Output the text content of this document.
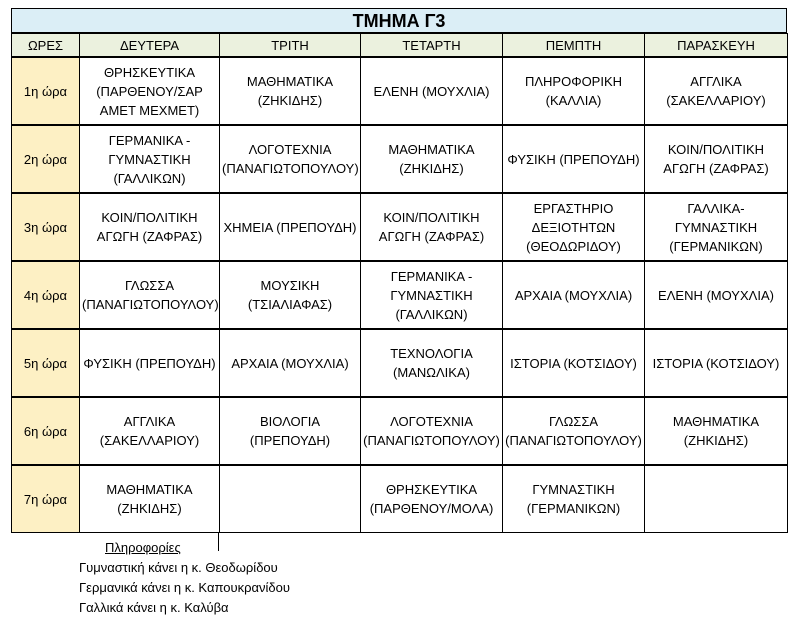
ΤΜΗΜΑ Γ3
ΩΡΕΣ	ΔΕΥΤΕΡΑ	ΤΡΙΤΗ	ΤΕΤΑΡΤΗ	ΠΕΜΠΤΗ	ΠΑΡΑΣΚΕΥΗ
1η ώρα	ΘΡΗΣΚΕΥΤΙΚΑ (ΠΑΡΘΕΝΟΥ/ΣΑΡ ΑΜΕΤ ΜΕΧΜΕΤ)	ΜΑΘΗΜΑΤΙΚΑ (ΖΗΚΙΔΗΣ)	ΕΛΕΝΗ (ΜΟΥΧΛΙΑ)	ΠΛΗΡΟΦΟΡΙΚΗ (ΚΑΛΛΙΑ)	ΑΓΓΛΙΚΑ (ΣΑΚΕΛΛΑΡΙΟΥ)
2η ώρα	ΓΕΡΜΑΝΙΚΑ - ΓΥΜΝΑΣΤΙΚΗ (ΓΑΛΛΙΚΩΝ)	ΛΟΓΟΤΕΧΝΙΑ (ΠΑΝΑΓΙΩΤΟΠΟΥΛΟΥ)	ΜΑΘΗΜΑΤΙΚΑ (ΖΗΚΙΔΗΣ)	ΦΥΣΙΚΗ (ΠΡΕΠΟΥΔΗ)	ΚΟΙΝ/ΠΟΛΙΤΙΚΗ ΑΓΩΓΗ (ΖΑΦΡΑΣ)
3η ώρα	ΚΟΙΝ/ΠΟΛΙΤΙΚΗ ΑΓΩΓΗ (ΖΑΦΡΑΣ)	ΧΗΜΕΙΑ (ΠΡΕΠΟΥΔΗ)	ΚΟΙΝ/ΠΟΛΙΤΙΚΗ ΑΓΩΓΗ (ΖΑΦΡΑΣ)	ΕΡΓΑΣΤΗΡΙΟ ΔΕΞΙΟΤΗΤΩΝ (ΘΕΟΔΩΡΙΔΟΥ)	ΓΑΛΛΙΚΑ- ΓΥΜΝΑΣΤΙΚΗ (ΓΕΡΜΑΝΙΚΩΝ)
4η ώρα	ΓΛΩΣΣΑ (ΠΑΝΑΓΙΩΤΟΠΟΥΛΟΥ)	ΜΟΥΣΙΚΗ (ΤΣΙΑΛΙΑΦΑΣ)	ΓΕΡΜΑΝΙΚΑ - ΓΥΜΝΑΣΤΙΚΗ (ΓΑΛΛΙΚΩΝ)	ΑΡΧΑΙΑ (ΜΟΥΧΛΙΑ)	ΕΛΕΝΗ (ΜΟΥΧΛΙΑ)
5η ώρα	ΦΥΣΙΚΗ (ΠΡΕΠΟΥΔΗ)	ΑΡΧΑΙΑ (ΜΟΥΧΛΙΑ)	ΤΕΧΝΟΛΟΓΙΑ (ΜΑΝΩΛΙΚΑ)	ΙΣΤΟΡΙΑ (ΚΟΤΣΙΔΟΥ)	ΙΣΤΟΡΙΑ (ΚΟΤΣΙΔΟΥ)
6η ώρα	ΑΓΓΛΙΚΑ (ΣΑΚΕΛΛΑΡΙΟΥ)	ΒΙΟΛΟΓΙΑ (ΠΡΕΠΟΥΔΗ)	ΛΟΓΟΤΕΧΝΙΑ (ΠΑΝΑΓΙΩΤΟΠΟΥΛΟΥ)	ΓΛΩΣΣΑ (ΠΑΝΑΓΙΩΤΟΠΟΥΛΟΥ)	ΜΑΘΗΜΑΤΙΚΑ (ΖΗΚΙΔΗΣ)
7η ώρα	ΜΑΘΗΜΑΤΙΚΑ (ΖΗΚΙΔΗΣ)		ΘΡΗΣΚΕΥΤΙΚΑ (ΠΑΡΘΕΝΟΥ/ΜΟΛΑ)	ΓΥΜΝΑΣΤΙΚΗ (ΓΕΡΜΑΝΙΚΩΝ)	
Πληροφορίες
Γυμναστική κάνει η κ. Θεοδωρίδου
Γερμανικά κάνει η κ. Καπουκρανίδου
Γαλλικά κάνει η κ. Καλύβα
